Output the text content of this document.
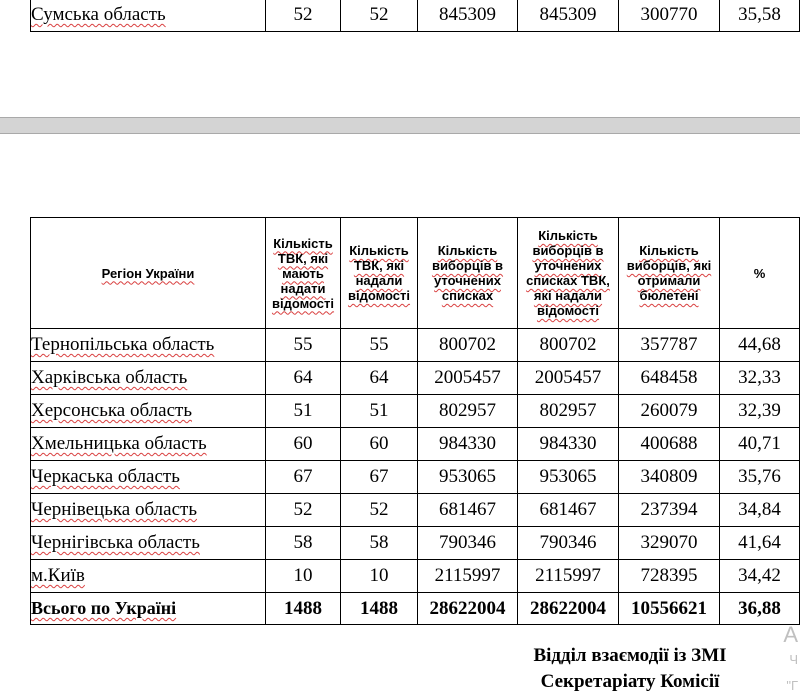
Сумська область	52	52	845309	845309	300770	35,58
Регіон України	Кількість ТВК, які мають надати відомості	Кількість ТВК, які надали відомості	Кількість виборців в уточнених списках	Кількість виборців в уточнених списках ТВК, які надали відомості	Кількість виборців, які отримали бюлетені	%
Тернопільська область	55	55	800702	800702	357787	44,68
Харківська область	64	64	2005457	2005457	648458	32,33
Херсонська область	51	51	802957	802957	260079	32,39
Хмельницька область	60	60	984330	984330	400688	40,71
Черкаська область	67	67	953065	953065	340809	35,76
Чернівецька область	52	52	681467	681467	237394	34,84
Чернігівська область	58	58	790346	790346	329070	41,64
м.Київ	10	10	2115997	2115997	728395	34,42
Всього по Україні	1488	1488	28622004	28622004	10556621	36,88
Відділ взаємодії із ЗМІ
Секретаріату Комісії
А
Ч
"Г
